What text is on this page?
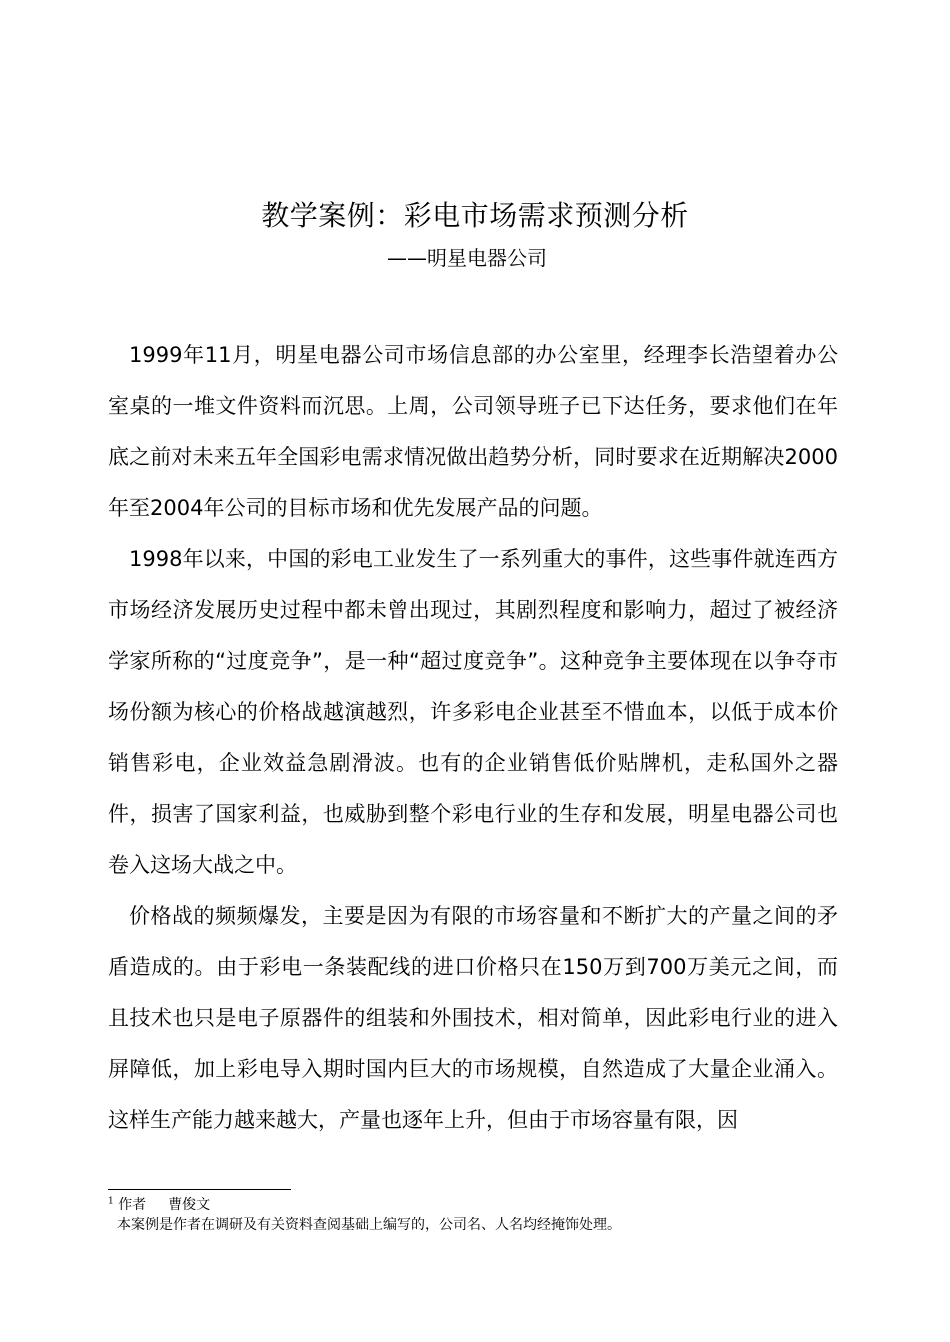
教学案例：彩电市场需求预测分析
——明星电器公司

1999年11月，明星电器公司市场信息部的办公室里，经理李长浩望着办公室桌的一堆文件资料而沉思。上周，公司领导班子已下达任务，要求他们在年底之前对未来五年全国彩电需求情况做出趋势分析，同时要求在近期解决2000年至2004年公司的目标市场和优先发展产品的问题。

1998年以来，中国的彩电工业发生了一系列重大的事件，这些事件就连西方市场经济发展历史过程中都未曾出现过，其剧烈程度和影响力，超过了被经济学家所称的“过度竞争”，是一种“超过度竞争”。这种竞争主要体现在以争夺市场份额为核心的价格战越演越烈，许多彩电企业甚至不惜血本，以低于成本价销售彩电，企业效益急剧滑波。也有的企业销售低价贴牌机，走私国外之器件，损害了国家利益，也威胁到整个彩电行业的生存和发展，明星电器公司也卷入这场大战之中。

价格战的频频爆发，主要是因为有限的市场容量和不断扩大的产量之间的矛盾造成的。由于彩电一条装配线的进口价格只在150万到700万美元之间，而且技术也只是电子原器件的组装和外围技术，相对简单，因此彩电行业的进入屏障低，加上彩电导入期时国内巨大的市场规模，自然造成了大量企业涌入。这样生产能力越来越大，产量也逐年上升，但由于市场容量有限，因

$^1$ 作者 曹俊文
本案例是作者在调研及有关资料查阅基础上编写的，公司名、人名均经掩饰处理。
